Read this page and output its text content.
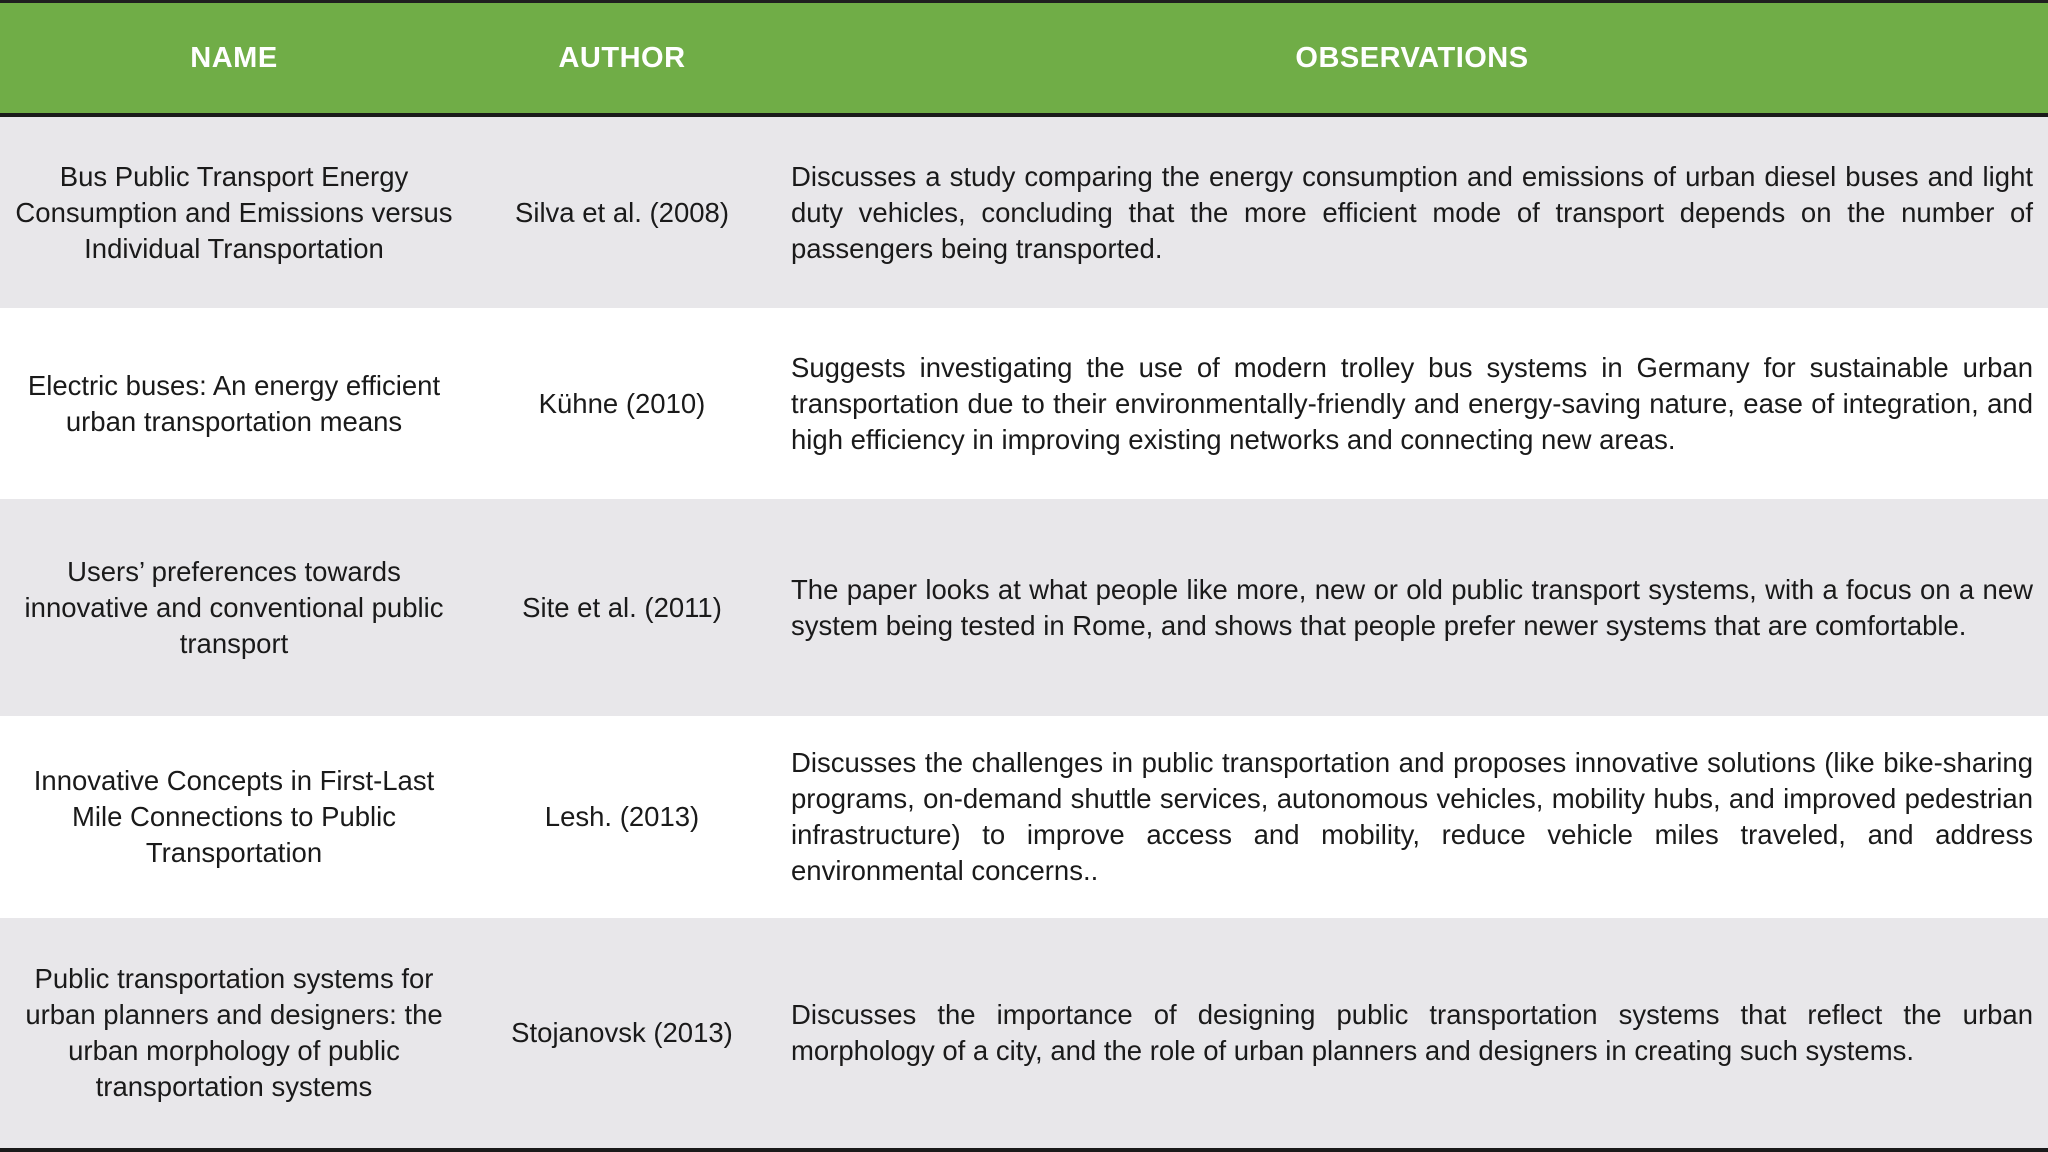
NAME	AUTHOR	OBSERVATIONS
Bus Public Transport Energy Consumption and Emissions versus Individual Transportation
Silva et al. (2008)
Discusses a study comparing the energy consumption and emissions of urban diesel buses and light duty vehicles, concluding that the more efficient mode of transport depends on the number of passengers being transported.
Electric buses: An energy efficient urban transportation means
Kühne (2010)
Suggests investigating the use of modern trolley bus systems in Germany for sustainable urban transportation due to their environmentally-friendly and energy-saving nature, ease of integration, and high efficiency in improving existing networks and connecting new areas.
Users’ preferences towards innovative and conventional public transport
Site et al. (2011)
The paper looks at what people like more, new or old public transport systems, with a focus on a new system being tested in Rome, and shows that people prefer newer systems that are comfortable.
Innovative Concepts in First-Last Mile Connections to Public Transportation
Lesh. (2013)
Discusses the challenges in public transportation and proposes innovative solutions (like bike-sharing programs, on-demand shuttle services, autonomous vehicles, mobility hubs, and improved pedestrian infrastructure) to improve access and mobility, reduce vehicle miles traveled, and address environmental concerns..
Public transportation systems for urban planners and designers: the urban morphology of public transportation systems
Stojanovsk (2013)
Discusses the importance of designing public transportation systems that reflect the urban morphology of a city, and the role of urban planners and designers in creating such systems.
